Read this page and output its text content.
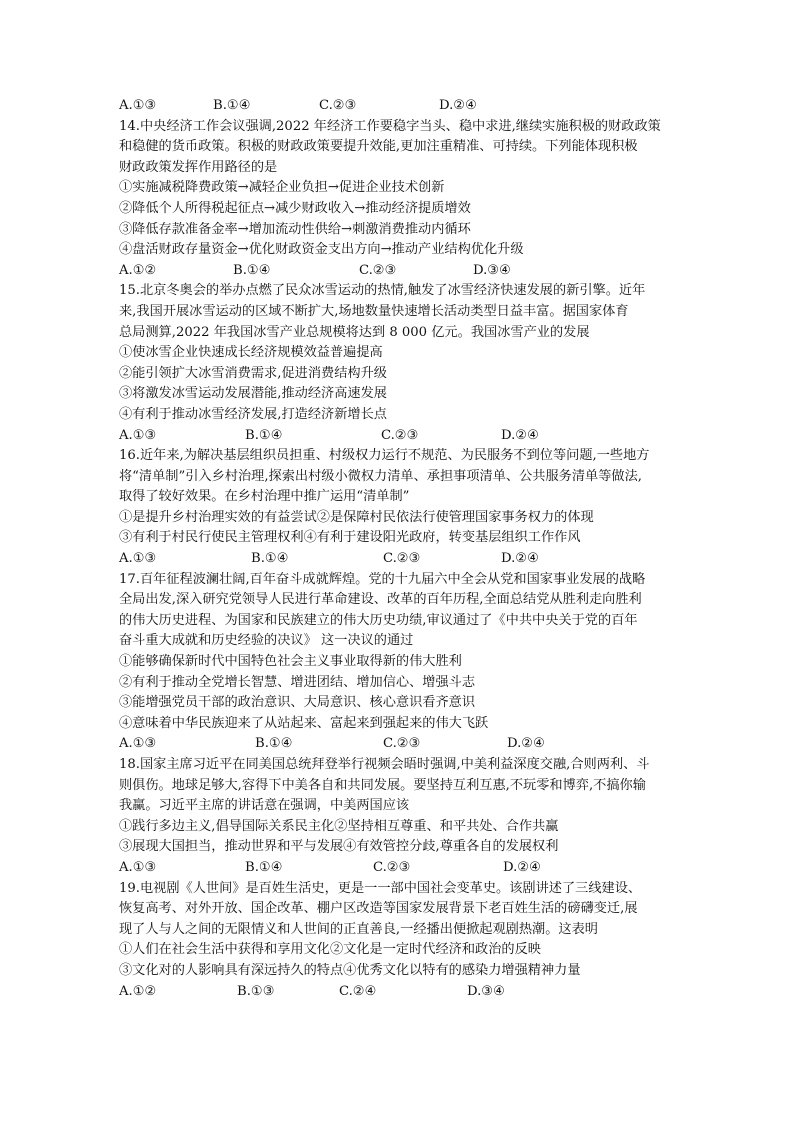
A.①③	B.①④	C.②③	D.②④
14.中央经济工作会议强调,2022 年经济工作要稳字当头、稳中求进,继续实施积极的财政政策
和稳健的货币政策。积极的财政政策要提升效能,更加注重精准、可持续。下列能体现积极
财政政策发挥作用路径的是
①实施减税降费政策→减轻企业负担→促进企业技术创新
②降低个人所得税起征点→减少财政收入→推动经济提质增效
③降低存款准备金率→增加流动性供给→刺激消费推动内循环
④盘活财政存量资金→优化财政资金支出方向→推动产业结构优化升级
A.①②	B.①④	C.②③	D.③④
15.北京冬奥会的举办点燃了民众冰雪运动的热情,触发了冰雪经济快速发展的新引擎。近年
来,我国开展冰雪运动的区域不断扩大,场地数量快速增长活动类型日益丰富。据国家体育
总局测算,2022 年我国冰雪产业总规模将达到 8 000 亿元。我国冰雪产业的发展
①使冰雪企业快速成长经济规模效益普遍提高
②能引领扩大冰雪消费需求,促进消费结构升级
③将激发冰雪运动发展潜能,推动经济高速发展
④有利于推动冰雪经济发展,打造经济新增长点
A.①③	B.①④	C.②③	D.②④
16.近年来,为解决基层组织员担重、村级权力运行不规范、为民服务不到位等问题,一些地方
将“清单制”引入乡村治理,探索出村级小微权力清单、承担事项清单、公共服务清单等做法,
取得了较好效果。在乡村治理中推广运用“清单制”
①是提升乡村治理实效的有益尝试②是保障村民依法行使管理国家事务权力的体现
③有利于村民行使民主管理权利④有利于建设阳光政府，转变基层组织工作作风
A.①③	B.①④	C.②③	D.②④
17.百年征程波澜壮阔,百年奋斗成就辉煌。党的十九届六中全会从党和国家事业发展的战略
全局出发,深入研究党领导人民进行革命建设、改革的百年历程,全面总结党从胜利走向胜利
的伟大历史进程、为国家和民族建立的伟大历史功绩,审议通过了《中共中央关于党的百年
奋斗重大成就和历史经验的决议》 这一决议的通过
①能够确保新时代中国特色社会主义事业取得新的伟大胜利
②有利于推动全党增长智慧、增进团结、增加信心、增强斗志
③能增强党员干部的政治意识、大局意识、核心意识看齐意识
④意味着中华民族迎来了从站起来、富起来到强起来的伟大飞跃
A.①③	B.①④	C.②③	D.②④
18.国家主席习近平在同美国总统拜登举行视频会晤时强调,中美利益深度交融,合则两利、斗
则俱伤。地球足够大,容得下中美各自和共同发展。要坚持互利互惠,不玩零和博弈,不搞你输
我赢。习近平主席的讲话意在强调，中美两国应该
①践行多边主义,倡导国际关系民主化②坚持相互尊重、和平共处、合作共赢
③展现大国担当，推动世界和平与发展④有效管控分歧,尊重各自的发展权利
A.①③	B.①④	C.②③	D.②④
19.电视剧《人世间》是百姓生活史，更是一一部中国社会变革史。该剧讲述了三线建设、
恢复高考、对外开放、国企改革、棚户区改造等国家发展背景下老百姓生活的磅礴变迁,展
现了人与人之间的无限情义和人世间的正直善良,一经播出便掀起观剧热潮。这表明
①人们在社会生活中获得和享用文化②文化是一定时代经济和政治的反映
③文化对的人影响具有深远持久的特点④优秀文化以特有的感染力增强精神力量
A.①②	B.①③	C.②④	D.③④
